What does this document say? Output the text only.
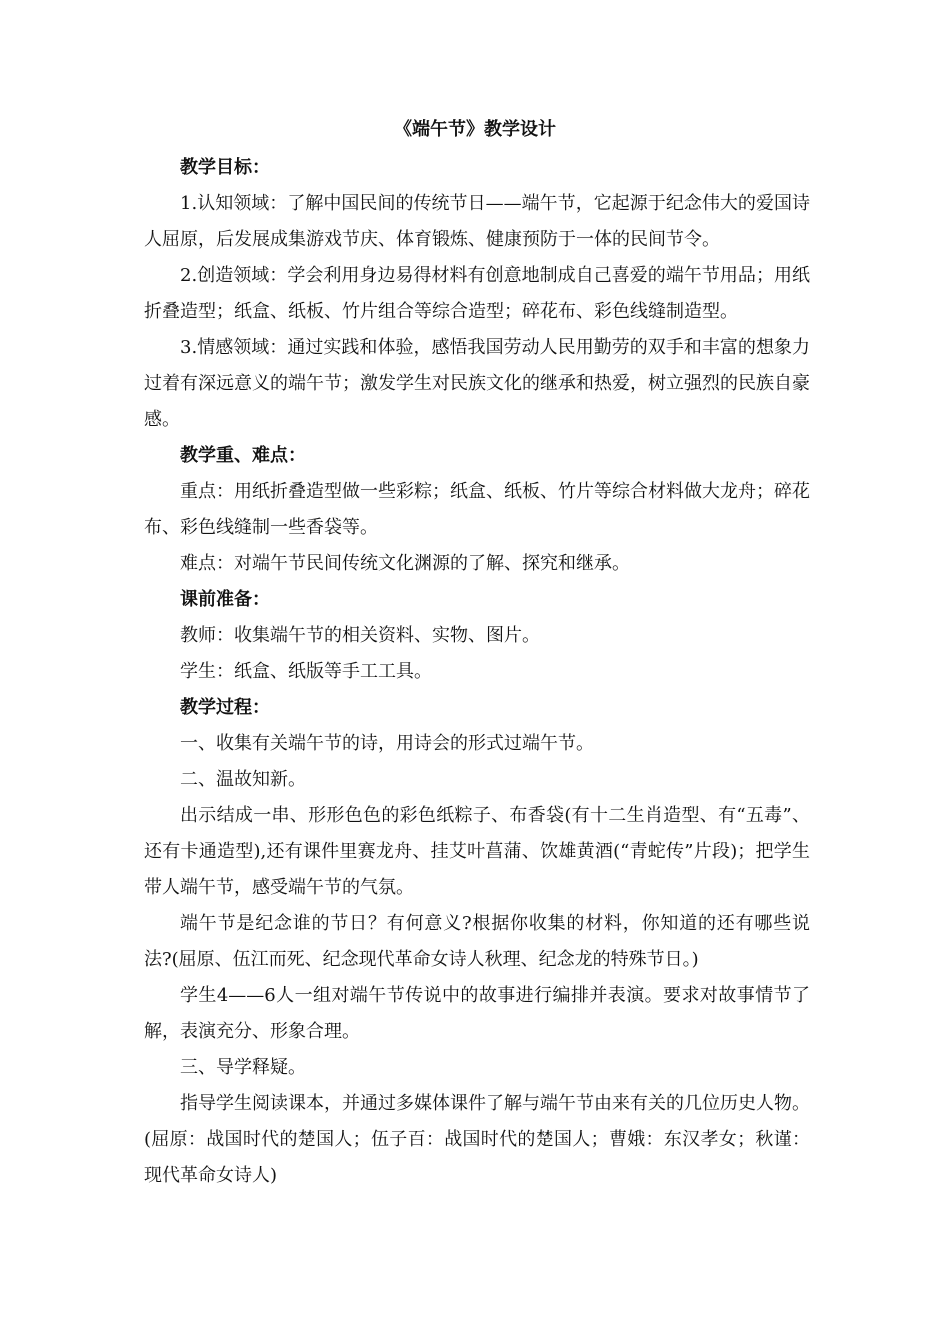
《端午节》教学设计

教学目标：

1.认知领域：了解中国民间的传统节日——端午节，它起源于纪念伟大的爱国诗人屈原，后发展成集游戏节庆、体育锻炼、健康预防于一体的民间节令。

2.创造领域：学会利用身边易得材料有创意地制成自己喜爱的端午节用品；用纸折叠造型；纸盒、纸板、竹片组合等综合造型；碎花布、彩色线缝制造型。

3.情感领域：通过实践和体验，感悟我国劳动人民用勤劳的双手和丰富的想象力过着有深远意义的端午节；激发学生对民族文化的继承和热爱，树立强烈的民族自豪感。

教学重、难点：

重点：用纸折叠造型做一些彩粽；纸盒、纸板、竹片等综合材料做大龙舟；碎花布、彩色线缝制一些香袋等。

难点：对端午节民间传统文化渊源的了解、探究和继承。

课前准备：

教师：收集端午节的相关资料、实物、图片。

学生：纸盒、纸版等手工工具。

教学过程：

一、收集有关端午节的诗，用诗会的形式过端午节。

二、温故知新。

出示结成一串、形形色色的彩色纸粽子、布香袋(有十二生肖造型、有“五毒”、还有卡通造型),还有课件里赛龙舟、挂艾叶菖蒲、饮雄黄酒(“青蛇传”片段)；把学生带人端午节，感受端午节的气氛。

端午节是纪念谁的节日？有何意义?根据你收集的材料，你知道的还有哪些说法?(屈原、伍江而死、纪念现代革命女诗人秋理、纪念龙的特殊节日。)

学生4——6人一组对端午节传说中的故事进行编排并表演。要求对故事情节了解，表演充分、形象合理。

三、导学释疑。

指导学生阅读课本，并通过多媒体课件了解与端午节由来有关的几位历史人物。(屈原：战国时代的楚国人；伍子百：战国时代的楚国人；曹娥：东汉孝女；秋谨：现代革命女诗人)
